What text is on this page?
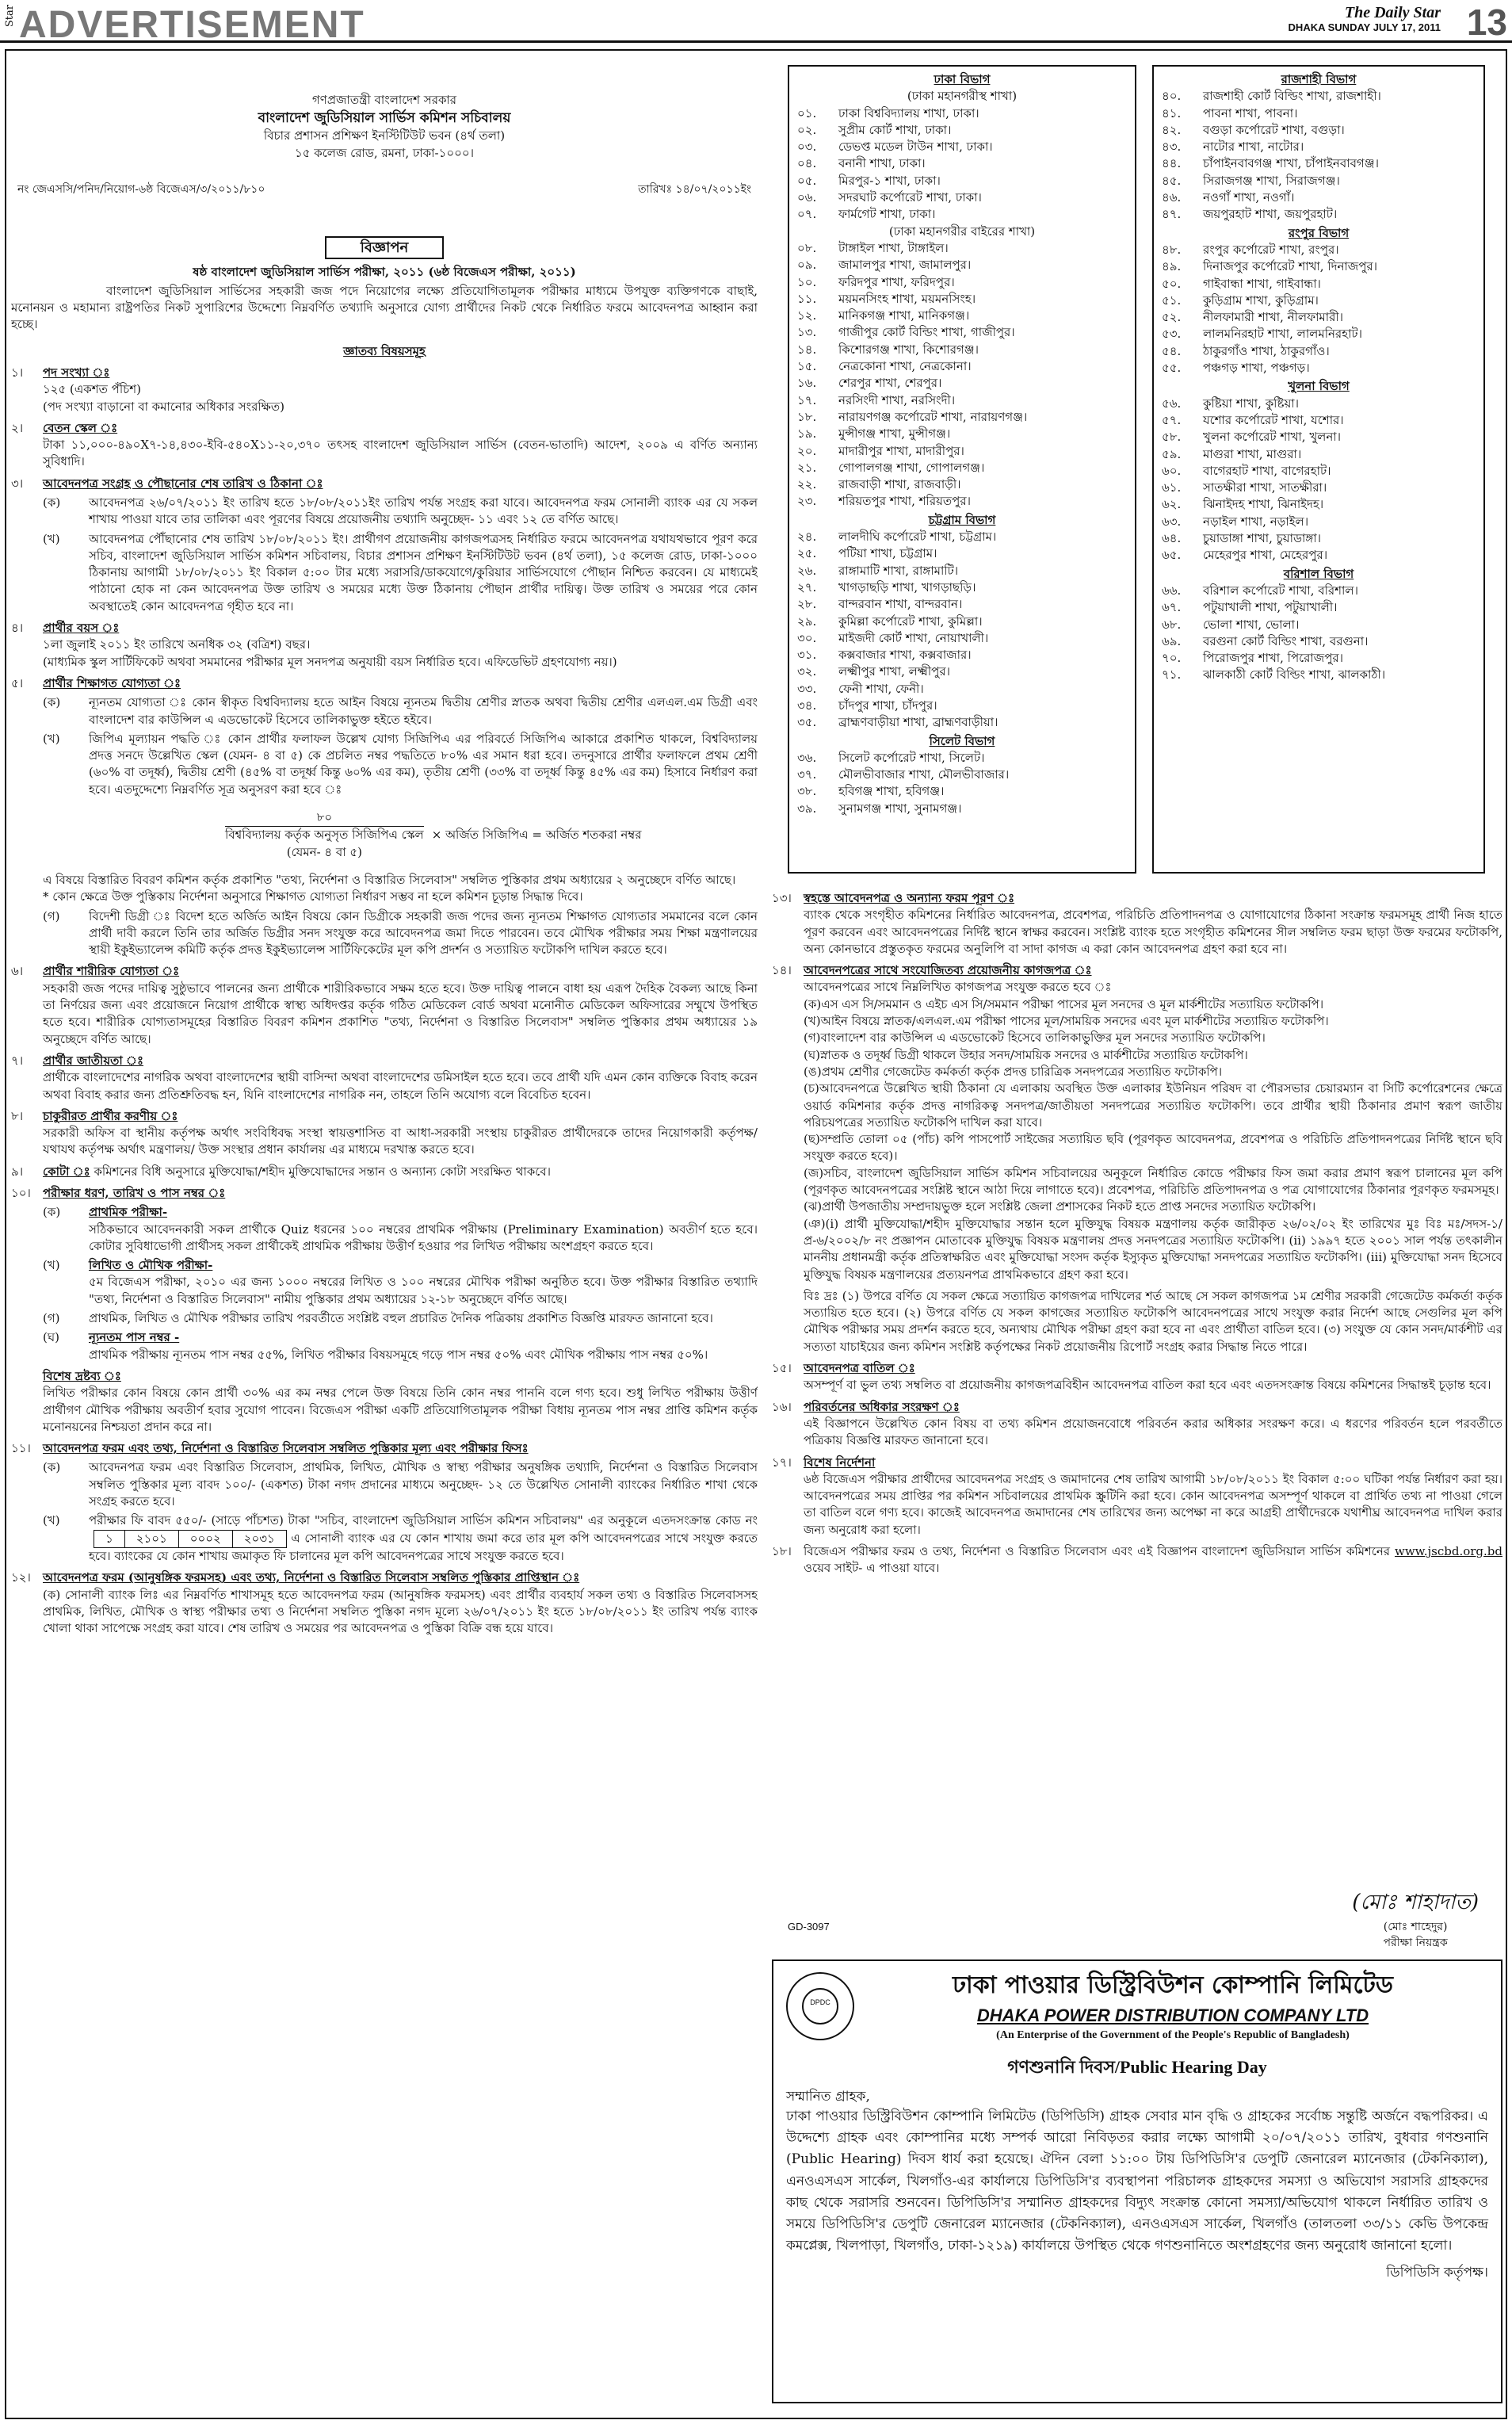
Star ADVERTISEMENT	The Daily Star
DHAKA SUNDAY JULY 17, 2011 13
গণপ্রজাতন্ত্রী বাংলাদেশ সরকার
বাংলাদেশ জুডিসিয়াল সার্ভিস কমিশন সচিবালয়
বিচার প্রশাসন প্রশিক্ষণ ইনস্টিটিউট ভবন (৪র্থ তলা)
১৫ কলেজ রোড, রমনা, ঢাকা-১০০০।
নং জেএসসি/পনিদ/নিয়োগ-৬ষ্ঠ বিজেএস/৩/২০১১/৮১০	তারিখঃ ১৪/০৭/২০১১ইং
বিজ্ঞাপন
ষষ্ঠ বাংলাদেশ জুডিসিয়াল সার্ভিস পরীক্ষা, ২০১১ (৬ষ্ঠ বিজেএস পরীক্ষা, ২০১১)
বাংলাদেশ জুডিসিয়াল সার্ভিসের সহকারী জজ পদে নিয়োগের লক্ষ্যে প্রতিযোগিতামূলক পরীক্ষার মাধ্যমে উপযুক্ত ব্যক্তিগণকে বাছাই, মনোনয়ন ও মহামান্য রাষ্ট্রপতির নিকট সুপারিশের উদ্দেশ্যে নিম্নবর্ণিত তথ্যাদি অনুসারে যোগ্য প্রার্থীদের নিকট থেকে নির্ধারিত ফরমে আবেদনপত্র আহ্বান করা হচ্ছে।
জ্ঞাতব্য বিষয়সমূহ
১।	পদ সংখ্যা ঃ
১২৫ (একশত পঁচিশ)
(পদ সংখ্যা বাড়ানো বা কমানোর অধিকার সংরক্ষিত)
২।	বেতন স্কেল ঃ
টাকা ১১,০০০-৪৯০X৭-১৪,৪৩০-ইবি-৫৪০X১১-২০,৩৭০ তৎসহ বাংলাদেশ জুডিসিয়াল সার্ভিস (বেতন-ভাতাদি) আদেশ, ২০০৯ এ বর্ণিত অন্যান্য সুবিধাদি।
৩।	আবেদনপত্র সংগ্রহ ও পৌছানোর শেষ তারিখ ও ঠিকানা ঃ
(ক)	আবেদনপত্র ২৬/০৭/২০১১ ইং তারিখ হতে ১৮/০৮/২০১১ইং তারিখ পর্যন্ত সংগ্রহ করা যাবে। আবেদনপত্র ফরম সোনালী ব্যাংক এর যে সকল শাখায় পাওয়া যাবে তার তালিকা এবং পূরণের বিষয়ে প্রয়োজনীয় তথ্যাদি অনুচ্ছেদ- ১১ এবং ১২ তে বর্ণিত আছে।
(খ)	আবেদনপত্র পৌঁছানোর শেষ তারিখ ১৮/০৮/২০১১ ইং। প্রার্থীগণ প্রয়োজনীয় কাগজপত্রসহ নির্ধারিত ফরমে আবেদনপত্র যথাযথভাবে পূরণ করে সচিব, বাংলাদেশ জুডিসিয়াল সার্ভিস কমিশন সচিবালয়, বিচার প্রশাসন প্রশিক্ষণ ইনস্টিটিউট ভবন (৪র্থ তলা), ১৫ কলেজ রোড, ঢাকা-১০০০ ঠিকানায় আগামী ১৮/০৮/২০১১ ইং বিকাল ৫:০০ টার মধ্যে সরাসরি/ডাকযোগে/কুরিয়ার সার্ভিসযোগে পৌছান নিশ্চিত করবেন। যে মাধ্যমেই পাঠানো হোক না কেন আবেদনপত্র উক্ত তারিখ ও সময়ের মধ্যে উক্ত ঠিকানায় পৌছান প্রার্থীর দায়িত্ব। উক্ত তারিখ ও সময়ের পরে কোন অবস্থাতেই কোন আবেদনপত্র গৃহীত হবে না।
৪।	প্রার্থীর বয়স ঃ
১লা জুলাই ২০১১ ইং তারিখে অনধিক ৩২ (বত্রিশ) বছর।
(মাধ্যমিক স্কুল সার্টিফিকেট অথবা সমমানের পরীক্ষার মূল সনদপত্র অনুযায়ী বয়স নির্ধারিত হবে। এফিডেভিট গ্রহণযোগ্য নয়।)
৫।	প্রার্থীর শিক্ষাগত যোগ্যতা ঃ
(ক)	ন্যূনতম যোগ্যতা ঃ কোন স্বীকৃত বিশ্ববিদ্যালয় হতে আইন বিষয়ে ন্যূনতম দ্বিতীয় শ্রেণীর স্নাতক অথবা দ্বিতীয় শ্রেণীর এলএল.এম ডিগ্রী এবং বাংলাদেশ বার কাউন্সিল এ এডভোকেট হিসেবে তালিকাভুক্ত হইতে হইবে।
(খ)	জিপিএ মূল্যায়ন পদ্ধতি ঃ কোন প্রার্থীর ফলাফল উল্লেখ যোগ্য সিজিপিএ এর পরিবর্তে সিজিপিএ আকারে প্রকাশিত থাকলে, বিশ্ববিদ্যালয় প্রদত্ত সনদে উল্লেখিত স্কেল (যেমন- ৪ বা ৫) কে প্রচলিত নম্বর পদ্ধতিতে ৮০% এর সমান ধরা হবে। তদনুসারে প্রার্থীর ফলাফলে প্রথম শ্রেণী (৬০% বা তদূর্ধ্ব), দ্বিতীয় শ্রেণী (৪৫% বা তদূর্ধ্ব কিন্তু ৬০% এর কম), তৃতীয় শ্রেণী (৩৩% বা তদূর্ধ্ব কিন্তু ৪৫% এর কম) হিসাবে নির্ধারণ করা হবে। এতদুদ্দেশ্যে নিম্নবর্ণিত সূত্র অনুসরণ করা হবে ঃ
৮০
বিশ্ববিদ্যালয় কর্তৃক অনুসৃত সিজিপিএ স্কেল
(যেমন- ৪ বা ৫)
× অর্জিত সিজিপিএ = অর্জিত শতকরা নম্বর
এ বিষয়ে বিস্তারিত বিবরণ কমিশন কর্তৃক প্রকাশিত "তথ্য, নির্দেশনা ও বিস্তারিত সিলেবাস" সম্বলিত পুস্তিকার প্রথম অধ্যায়ের ২ অনুচ্ছেদে বর্ণিত আছে।
* কোন ক্ষেত্রে উক্ত পুস্তিকায় নির্দেশনা অনুসারে শিক্ষাগত যোগ্যতা নির্ধারণ সম্ভব না হলে কমিশন চূড়ান্ত সিদ্ধান্ত দিবে।
(গ)	বিদেশী ডিগ্রী ঃ বিদেশ হতে অর্জিত আইন বিষয়ে কোন ডিগ্রীকে সহকারী জজ পদের জন্য ন্যূনতম শিক্ষাগত যোগ্যতার সমমানের বলে কোন প্রার্থী দাবী করলে তিনি তার অর্জিত ডিগ্রীর সনদ সংযুক্ত করে আবেদনপত্র জমা দিতে পারবেন। তবে মৌখিক পরীক্ষার সময় শিক্ষা মন্ত্রণালয়ের স্থায়ী ইকুইভ্যালেন্স কমিটি কর্তৃক প্রদত্ত ইকুইভ্যালেন্স সার্টিফিকেটের মূল কপি প্রদর্শন ও সত্যায়িত ফটোকপি দাখিল করতে হবে।
৬।	প্রার্থীর শারীরিক যোগ্যতা ঃ
সহকারী জজ পদের দায়িত্ব সুষ্ঠুভাবে পালনের জন্য প্রার্থীকে শারীরিকভাবে সক্ষম হতে হবে। উক্ত দায়িত্ব পালনে বাধা হয় এরূপ দৈহিক বৈকল্য আছে কিনা তা নির্ণয়ের জন্য এবং প্রয়োজনে নিয়োগ প্রার্থীকে স্বাস্থ্য অধিদপ্তর কর্তৃক গঠিত মেডিকেল বোর্ড অথবা মনোনীত মেডিকেল অফিসারের সম্মুখে উপস্থিত হতে হবে। শারীরিক যোগ্যতাসমূহের বিস্তারিত বিবরণ কমিশন প্রকাশিত "তথ্য, নির্দেশনা ও বিস্তারিত সিলেবাস" সম্বলিত পুস্তিকার প্রথম অধ্যায়ের ১৯ অনুচ্ছেদে বর্ণিত আছে।
৭।	প্রার্থীর জাতীয়তা ঃ
প্রার্থীকে বাংলাদেশের নাগরিক অথবা বাংলাদেশের স্থায়ী বাসিন্দা অথবা বাংলাদেশের ডমিসাইল হতে হবে। তবে প্রার্থী যদি এমন কোন ব্যক্তিকে বিবাহ করেন অথবা বিবাহ করার জন্য প্রতিশ্রুতিবদ্ধ হন, যিনি বাংলাদেশের নাগরিক নন, তাহলে তিনি অযোগ্য বলে বিবেচিত হবেন।
৮।	চাকুরীরত প্রার্থীর করণীয় ঃ
সরকারী অফিস বা স্থানীয় কর্তৃপক্ষ অর্থাৎ সংবিধিবদ্ধ সংস্থা স্বায়ত্তশাসিত বা আধা-সরকারী সংস্থায় চাকুরীরত প্রার্থীদেরকে তাদের নিয়োগকারী কর্তৃপক্ষ/যথাযথ কর্তৃপক্ষ অর্থাৎ মন্ত্রণালয়/ উক্ত সংস্থার প্রধান কার্যালয় এর মাধ্যমে দরখাস্ত করতে হবে।
৯।	কোটা ঃ কমিশনের বিধি অনুসারে মুক্তিযোদ্ধা/শহীদ মুক্তিযোদ্ধাদের সন্তান ও অন্যান্য কোটা সংরক্ষিত থাকবে।
১০।	পরীক্ষার ধরণ, তারিখ ও পাস নম্বর ঃ
(ক)	প্রাথমিক পরীক্ষা-
সঠিকভাবে আবেদনকারী সকল প্রার্থীকে Quiz ধরনের ১০০ নম্বরের প্রাথমিক পরীক্ষায় (Preliminary Examination) অবতীর্ণ হতে হবে। কোটার সুবিধাভোগী প্রার্থীসহ সকল প্রার্থীকেই প্রাথমিক পরীক্ষায় উত্তীর্ণ হওয়ার পর লিখিত পরীক্ষায় অংশগ্রহণ করতে হবে।
(খ)	লিখিত ও মৌখিক পরীক্ষা-
৫ম বিজেএস পরীক্ষা, ২০১০ এর জন্য ১০০০ নম্বরের লিখিত ও ১০০ নম্বরের মৌখিক পরীক্ষা অনুষ্ঠিত হবে। উক্ত পরীক্ষার বিস্তারিত তথ্যাদি "তথ্য, নির্দেশনা ও বিস্তারিত সিলেবাস" নামীয় পুস্তিকার প্রথম অধ্যায়ের ১২-১৮ অনুচ্ছেদে বর্ণিত আছে।
(গ)	প্রাথমিক, লিখিত ও মৌখিক পরীক্ষার তারিখ পরবর্তীতে সংশ্লিষ্ট বহুল প্রচারিত দৈনিক পত্রিকায় প্রকাশিত বিজ্ঞপ্তি মারফত জানানো হবে।
(ঘ)	ন্যূনতম পাস নম্বর -
প্রাথমিক পরীক্ষায় ন্যূনতম পাস নম্বর ৫৫%, লিখিত পরীক্ষার বিষয়সমূহে গড়ে পাস নম্বর ৫০% এবং মৌখিক পরীক্ষায় পাস নম্বর ৫০%।
বিশেষ দ্রষ্টব্য ঃ
লিখিত পরীক্ষার কোন বিষয়ে কোন প্রার্থী ৩০% এর কম নম্বর পেলে উক্ত বিষয়ে তিনি কোন নম্বর পাননি বলে গণ্য হবে। শুধু লিখিত পরীক্ষায় উত্তীর্ণ প্রার্থীগণ মৌখিক পরীক্ষায় অবতীর্ণ হবার সুযোগ পাবেন। বিজেএস পরীক্ষা একটি প্রতিযোগিতামূলক পরীক্ষা বিধায় ন্যূনতম পাস নম্বর প্রাপ্তি কমিশন কর্তৃক মনোনয়নের নিশ্চয়তা প্রদান করে না।
১১।	আবেদনপত্র ফরম এবং তথ্য, নির্দেশনা ও বিস্তারিত সিলেবাস সম্বলিত পুস্তিকার মূল্য এবং পরীক্ষার ফিসঃ
(ক)	আবেদনপত্র ফরম এবং বিস্তারিত সিলেবাস, প্রাথমিক, লিখিত, মৌখিক ও স্বাস্থ্য পরীক্ষার অনুষঙ্গিক তথ্যাদি, নির্দেশনা ও বিস্তারিত সিলেবাস সম্বলিত পুস্তিকার মূল্য বাবদ ১০০/- (একশত) টাকা নগদ প্রদানের মাধ্যমে অনুচ্ছেদ- ১২ তে উল্লেখিত সোনালী ব্যাংকের নির্ধারিত শাখা থেকে সংগ্রহ করতে হবে।
(খ)	পরীক্ষার ফি বাবদ ৫৫০/- (সাড়ে পাঁচশত) টাকা "সচিব, বাংলাদেশ জুডিসিয়াল সার্ভিস কমিশন সচিবালয়" এর অনুকূলে এতদসংক্রান্ত কোড নং
১	২১০১	০০০২	২০৩১	এ সোনালী ব্যাংক এর যে কোন শাখায় জমা করে তার মূল কপি আবেদনপত্রের সাথে সংযুক্ত করতে হবে। ব্যাংকের যে কোন শাখায় জমাকৃত ফি চালানের মূল কপি আবেদনপত্রের সাথে সংযুক্ত করতে হবে।
১২।	আবেদনপত্র ফরম (আনুষঙ্গিক ফরমসহ) এবং তথ্য, নির্দেশনা ও বিস্তারিত সিলেবাস সম্বলিত পুস্তিকার প্রাপ্তিস্থান ঃ
(ক) সোনালী ব্যাংক লিঃ এর নিম্নবর্ণিত শাখাসমূহ হতে আবেদনপত্র ফরম (আনুষঙ্গিক ফরমসহ) এবং প্রার্থীর ব্যবহার্য সকল তথ্য ও বিস্তারিত সিলেবাসসহ প্রাথমিক, লিখিত, মৌখিক ও স্বাস্থ্য পরীক্ষার তথ্য ও নির্দেশনা সম্বলিত পুস্তিকা নগদ মূল্যে ২৬/০৭/২০১১ ইং হতে ১৮/০৮/২০১১ ইং তারিখ পর্যন্ত ব্যাংক খোলা থাকা সাপেক্ষে সংগ্রহ করা যাবে। শেষ তারিখ ও সময়ের পর আবেদনপত্র ও পুস্তিকা বিক্রি বন্ধ হয়ে যাবে।
ঢাকা বিভাগ
(ঢাকা মহানগরীস্থ শাখা)
০১.	ঢাকা বিশ্ববিদ্যালয় শাখা, ঢাকা।
০২.	সুপ্রীম কোর্ট শাখা, ঢাকা।
০৩.	ডেভপ্ত মডেল টাউন শাখা, ঢাকা।
০৪.	বনানী শাখা, ঢাকা।
০৫.	মিরপুর-১ শাখা, ঢাকা।
০৬.	সদরঘাট কর্পোরেট শাখা, ঢাকা।
০৭.	ফার্মগেট শাখা, ঢাকা।
(ঢাকা মহানগরীর বাইরের শাখা)
০৮.	টাঙ্গাইল শাখা, টাঙ্গাইল।
০৯.	জামালপুর শাখা, জামালপুর।
১০.	ফরিদপুর শাখা, ফরিদপুর।
১১.	ময়মনসিংহ শাখা, ময়মনসিংহ।
১২.	মানিকগঞ্জ শাখা, মানিকগঞ্জ।
১৩.	গাজীপুর কোর্ট বিল্ডিং শাখা, গাজীপুর।
১৪.	কিশোরগঞ্জ শাখা, কিশোরগঞ্জ।
১৫.	নেত্রকোনা শাখা, নেত্রকোনা।
১৬.	শেরপুর শাখা, শেরপুর।
১৭.	নরসিংদী শাখা, নরসিংদী।
১৮.	নারায়ণগঞ্জ কর্পোরেট শাখা, নারায়ণগঞ্জ।
১৯.	মুন্সীগঞ্জ শাখা, মুন্সীগঞ্জ।
২০.	মাদারীপুর শাখা, মাদারীপুর।
২১.	গোপালগঞ্জ শাখা, গোপালগঞ্জ।
২২.	রাজবাড়ী শাখা, রাজবাড়ী।
২৩.	শরিয়তপুর শাখা, শরিয়তপুর।
চট্টগ্রাম বিভাগ
২৪.	লালদীঘি কর্পোরেট শাখা, চট্টগ্রাম।
২৫.	পটিয়া শাখা, চট্টগ্রাম।
২৬.	রাঙ্গামাটি শাখা, রাঙ্গামাটি।
২৭.	খাগড়াছড়ি শাখা, খাগড়াছড়ি।
২৮.	বান্দরবান শাখা, বান্দরবান।
২৯.	কুমিল্লা কর্পোরেট শাখা, কুমিল্লা।
৩০.	মাইজদী কোর্ট শাখা, নোয়াখালী।
৩১.	কক্সবাজার শাখা, কক্সবাজার।
৩২.	লক্ষ্মীপুর শাখা, লক্ষ্মীপুর।
৩৩.	ফেনী শাখা, ফেনী।
৩৪.	চাঁদপুর শাখা, চাঁদপুর।
৩৫.	ব্রাহ্মণবাড়ীয়া শাখা, ব্রাহ্মণবাড়ীয়া।
সিলেট বিভাগ
৩৬.	সিলেট কর্পোরেট শাখা, সিলেট।
৩৭.	মৌলভীবাজার শাখা, মৌলভীবাজার।
৩৮.	হবিগঞ্জ শাখা, হবিগঞ্জ।
৩৯.	সুনামগঞ্জ শাখা, সুনামগঞ্জ।
রাজশাহী বিভাগ
৪০.	রাজশাহী কোর্ট বিল্ডিং শাখা, রাজশাহী।
৪১.	পাবনা শাখা, পাবনা।
৪২.	বগুড়া কর্পোরেট শাখা, বগুড়া।
৪৩.	নাটোর শাখা, নাটোর।
৪৪.	চাঁপাইনবাবগঞ্জ শাখা, চাঁপাইনবাবগঞ্জ।
৪৫.	সিরাজগঞ্জ শাখা, সিরাজগঞ্জ।
৪৬.	নওগাঁ শাখা, নওগাঁ।
৪৭.	জয়পুরহাট শাখা, জয়পুরহাট।
রংপুর বিভাগ
৪৮.	রংপুর কর্পোরেট শাখা, রংপুর।
৪৯.	দিনাজপুর কর্পোরেট শাখা, দিনাজপুর।
৫০.	গাইবান্ধা শাখা, গাইবান্ধা।
৫১.	কুড়িগ্রাম শাখা, কুড়িগ্রাম।
৫২.	নীলফামারী শাখা, নীলফামারী।
৫৩.	লালমনিরহাট শাখা, লালমনিরহাট।
৫৪.	ঠাকুরগাঁও শাখা, ঠাকুরগাঁও।
৫৫.	পঞ্চগড় শাখা, পঞ্চগড়।
খুলনা বিভাগ
৫৬.	কুষ্টিয়া শাখা, কুষ্টিয়া।
৫৭.	যশোর কর্পোরেট শাখা, যশোর।
৫৮.	খুলনা কর্পোরেট শাখা, খুলনা।
৫৯.	মাগুরা শাখা, মাগুরা।
৬০.	বাগেরহাট শাখা, বাগেরহাট।
৬১.	সাতক্ষীরা শাখা, সাতক্ষীরা।
৬২.	ঝিনাইদহ শাখা, ঝিনাইদহ।
৬৩.	নড়াইল শাখা, নড়াইল।
৬৪.	চুয়াডাঙ্গা শাখা, চুয়াডাঙ্গা।
৬৫.	মেহেরপুর শাখা, মেহেরপুর।
বরিশাল বিভাগ
৬৬.	বরিশাল কর্পোরেট শাখা, বরিশাল।
৬৭.	পটুয়াখালী শাখা, পটুয়াখালী।
৬৮.	ভোলা শাখা, ভোলা।
৬৯.	বরগুনা কোর্ট বিল্ডিং শাখা, বরগুনা।
৭০.	পিরোজপুর শাখা, পিরোজপুর।
৭১.	ঝালকাঠী কোর্ট বিল্ডিং শাখা, ঝালকাঠী।
১৩।	স্বহস্তে আবেদনপত্র ও অন্যান্য ফরম পূরণ ঃ
ব্যাংক থেকে সংগৃহীত কমিশনের নির্ধারিত আবেদনপত্র, প্রবেশপত্র, পরিচিতি প্রতিপাদনপত্র ও যোগাযোগের ঠিকানা সংক্রান্ত ফরমসমূহ প্রার্থী নিজ হাতে পূরণ করবেন এবং আবেদনপত্রের নির্দিষ্ট স্থানে স্বাক্ষর করবেন। সংশ্লিষ্ট ব্যাংক হতে সংগৃহীত কমিশনের সীল সম্বলিত ফরম ছাড়া উক্ত ফরমের ফটোকপি, অন্য কোনভাবে প্রস্তুতকৃত ফরমের অনুলিপি বা সাদা কাগজ এ করা কোন আবেদনপত্র গ্রহণ করা হবে না।
১৪।	আবেদনপত্রের সাথে সংযোজিতব্য প্রয়োজনীয় কাগজপত্র ঃ
আবেদনপত্রের সাথে নিম্নলিখিত কাগজপত্র সংযুক্ত করতে হবে ঃ
(ক)এস এস সি/সমমান ও এইচ এস সি/সমমান পরীক্ষা পাসের মূল সনদের ও মূল মার্কশীটের সত্যায়িত ফটোকপি।
(খ)আইন বিষয়ে স্নাতক/এলএল.এম পরীক্ষা পাসের মূল/সাময়িক সনদের এবং মূল মার্কশীটের সত্যায়িত ফটোকপি।
(গ)বাংলাদেশ বার কাউন্সিল এ এডভোকেট হিসেবে তালিকাভুক্তির মূল সনদের সত্যায়িত ফটোকপি।
(ঘ)স্নাতক ও তদূর্ধ্ব ডিগ্রী থাকলে উহার সনদ/সাময়িক সনদের ও মার্কশীটের সত্যায়িত ফটোকপি।
(ঙ)প্রথম শ্রেণীর গেজেটেড কর্মকর্তা কর্তৃক প্রদত্ত চারিত্রিক সনদপত্রের সত্যায়িত ফটোকপি।
(চ)আবেদনপত্রে উল্লেখিত স্থায়ী ঠিকানা যে এলাকায় অবস্থিত উক্ত এলাকার ইউনিয়ন পরিষদ বা পৌরসভার চেয়ারম্যান বা সিটি কর্পোরেশনের ক্ষেত্রে ওয়ার্ড কমিশনার কর্তৃক প্রদত্ত নাগরিকত্ব সনদপত্র/জাতীয়তা সনদপত্রের সত্যায়িত ফটোকপি। তবে প্রার্থীর স্থায়ী ঠিকানার প্রমাণ স্বরূপ জাতীয় পরিচয়পত্রের সত্যায়িত ফটোকপি দাখিল করা যাবে।
(ছ)সম্প্রতি তোলা ০৫ (পাঁচ) কপি পাসপোর্ট সাইজের সত্যায়িত ছবি (পূরণকৃত আবেদনপত্র, প্রবেশপত্র ও পরিচিতি প্রতিপাদনপত্রের নির্দিষ্ট স্থানে ছবি সংযুক্ত করতে হবে)।
(জ)সচিব, বাংলাদেশ জুডিসিয়াল সার্ভিস কমিশন সচিবালয়ের অনুকূলে নির্ধারিত কোডে পরীক্ষার ফিস জমা করার প্রমাণ স্বরূপ চালানের মূল কপি (পূরণকৃত আবেদনপত্রের সংশ্লিষ্ট স্থানে আঠা দিয়ে লাগাতে হবে)। প্রবেশপত্র, পরিচিতি প্রতিপাদনপত্র ও পত্র যোগাযোগের ঠিকানার পূরণকৃত ফরমসমূহ।
(ঝ)প্রার্থী উপজাতীয় সম্প্রদায়ভুক্ত হলে সংশ্লিষ্ট জেলা প্রশাসকের নিকট হতে প্রাপ্ত সনদের সত্যায়িত ফটোকপি।
(ঞ)(i) প্রার্থী মুক্তিযোদ্ধা/শহীদ মুক্তিযোদ্ধার সন্তান হলে মুক্তিযুদ্ধ বিষয়ক মন্ত্রণালয় কর্তৃক জারীকৃত ২৬/০২/০২ ইং তারিখের মুঃ বিঃ মঃ/সদস-১/প্র-৬/২০০২/৮ নং প্রজ্ঞাপন মোতাবেক মুক্তিযুদ্ধ বিষয়ক মন্ত্রণালয় প্রদত্ত সনদপত্রের সত্যায়িত ফটোকপি। (ii) ১৯৯৭ হতে ২০০১ সাল পর্যন্ত তৎকালীন মাননীয় প্রধানমন্ত্রী কর্তৃক প্রতিস্বাক্ষরিত এবং মুক্তিযোদ্ধা সংসদ কর্তৃক ইস্যুকৃত মুক্তিযোদ্ধা সনদপত্রের সত্যায়িত ফটোকপি। (iii) মুক্তিযোদ্ধা সনদ হিসেবে মুক্তিযুদ্ধ বিষয়ক মন্ত্রণালয়ের প্রত্যয়নপত্র প্রাথমিকভাবে গ্রহণ করা হবে।
বিঃ দ্রঃ (১) উপরে বর্ণিত যে সকল ক্ষেত্রে সত্যায়িত কাগজপত্র দাখিলের শর্ত আছে সে সকল কাগজপত্র ১ম শ্রেণীর সরকারী গেজেটেড কর্মকর্তা কর্তৃক সত্যায়িত হতে হবে। (২) উপরে বর্ণিত যে সকল কাগজের সত্যায়িত ফটোকপি আবেদনপত্রের সাথে সংযুক্ত করার নির্দেশ আছে সেগুলির মূল কপি মৌখিক পরীক্ষার সময় প্রদর্শন করতে হবে, অন্যথায় মৌখিক পরীক্ষা গ্রহণ করা হবে না এবং প্রার্থীতা বাতিল হবে। (৩) সংযুক্ত যে কোন সনদ/মার্কশীট এর সত্যতা যাচাইয়ের জন্য কমিশন সংশ্লিষ্ট কর্তৃপক্ষের নিকট প্রয়োজনীয় রিপোর্ট সংগ্রহ করার সিদ্ধান্ত নিতে পারে।
১৫।	আবেদনপত্র বাতিল ঃ
অসম্পূর্ণ বা ভুল তথ্য সম্বলিত বা প্রয়োজনীয় কাগজপত্রবিহীন আবেদনপত্র বাতিল করা হবে এবং এতদসংক্রান্ত বিষয়ে কমিশনের সিদ্ধান্তই চূড়ান্ত হবে।
১৬।	পরিবর্তনের অধিকার সংরক্ষণ ঃ
এই বিজ্ঞাপনে উল্লেখিত কোন বিষয় বা তথ্য কমিশন প্রয়োজনবোধে পরিবর্তন করার অধিকার সংরক্ষণ করে। এ ধরণের পরিবর্তন হলে পরবর্তীতে পত্রিকায় বিজ্ঞপ্তি মারফত জানানো হবে।
১৭।	বিশেষ নির্দেশনা
৬ষ্ঠ বিজেএস পরীক্ষার প্রার্থীদের আবেদনপত্র সংগ্রহ ও জমাদানের শেষ তারিখ আগামী ১৮/০৮/২০১১ ইং বিকাল ৫:০০ ঘটিকা পর্যন্ত নির্ধারণ করা হয়। আবেদনপত্রের সময় প্রাপ্তির পর কমিশন সচিবালয়ের প্রাথমিক স্ক্রুটিনি করা হবে। কোন আবেদনপত্র অসম্পূর্ণ থাকলে বা প্রার্থিত তথ্য না পাওয়া গেলে তা বাতিল বলে গণ্য হবে। কাজেই আবেদনপত্র জমাদানের শেষ তারিখের জন্য অপেক্ষা না করে আগ্রহী প্রার্থীদেরকে যথাশীঘ্র আবেদনপত্র দাখিল করার জন্য অনুরোধ করা হলো।
১৮।	বিজেএস পরীক্ষার ফরম ও তথ্য, নির্দেশনা ও বিস্তারিত সিলেবাস এবং এই বিজ্ঞাপন বাংলাদেশ জুডিসিয়াল সার্ভিস কমিশনের www.jscbd.org.bd ওয়েব সাইট- এ পাওয়া যাবে।
(মোঃ শাহাদাত)
(মোঃ শাহেদুর)
পরীক্ষা নিয়ন্ত্রক
GD-3097
DPDC
ঢাকা পাওয়ার ডিস্ট্রিবিউশন কোম্পানি লিমিটেড
DHAKA POWER DISTRIBUTION COMPANY LTD
(An Enterprise of the Government of the People's Republic of Bangladesh)
গণশুনানি দিবস/Public Hearing Day
সম্মানিত গ্রাহক,
ঢাকা পাওয়ার ডিস্ট্রিবিউশন কোম্পানি লিমিটেড (ডিপিডিসি) গ্রাহক সেবার মান বৃদ্ধি ও গ্রাহকের সর্বোচ্চ সন্তুষ্টি অর্জনে বদ্ধপরিকর। এ উদ্দেশ্যে গ্রাহক এবং কোম্পানির মধ্যে সম্পর্ক আরো নিবিড়তর করার লক্ষ্যে আগামী ২০/০৭/২০১১ তারিখ, বুধবার গণশুনানি (Public Hearing) দিবস ধার্য করা হয়েছে। ঐদিন বেলা ১১:০০ টায় ডিপিডিসি'র ডেপুটি জেনারেল ম্যানেজার (টেকনিক্যাল), এনওএসএস সার্কেল, খিলগাঁও-এর কার্যালয়ে ডিপিডিসি'র ব্যবস্থাপনা পরিচালক গ্রাহকদের সমস্যা ও অভিযোগ সরাসরি গ্রাহকদের কাছ থেকে সরাসরি শুনবেন। ডিপিডিসি'র সম্মানিত গ্রাহকদের বিদ্যুৎ সংক্রান্ত কোনো সমস্যা/অভিযোগ থাকলে নির্ধারিত তারিখ ও সময়ে ডিপিডিসি'র ডেপুটি জেনারেল ম্যানেজার (টেকনিক্যাল), এনওএসএস সার্কেল, খিলগাঁও (তালতলা ৩৩/১১ কেভি উপকেন্দ্র কমপ্লেক্স, খিলপাড়া, খিলগাঁও, ঢাকা-১২১৯) কার্যালয়ে উপস্থিত থেকে গণশুনানিতে অংশগ্রহণের জন্য অনুরোধ জানানো হলো।
ডিপিডিসি কর্তৃপক্ষ।
